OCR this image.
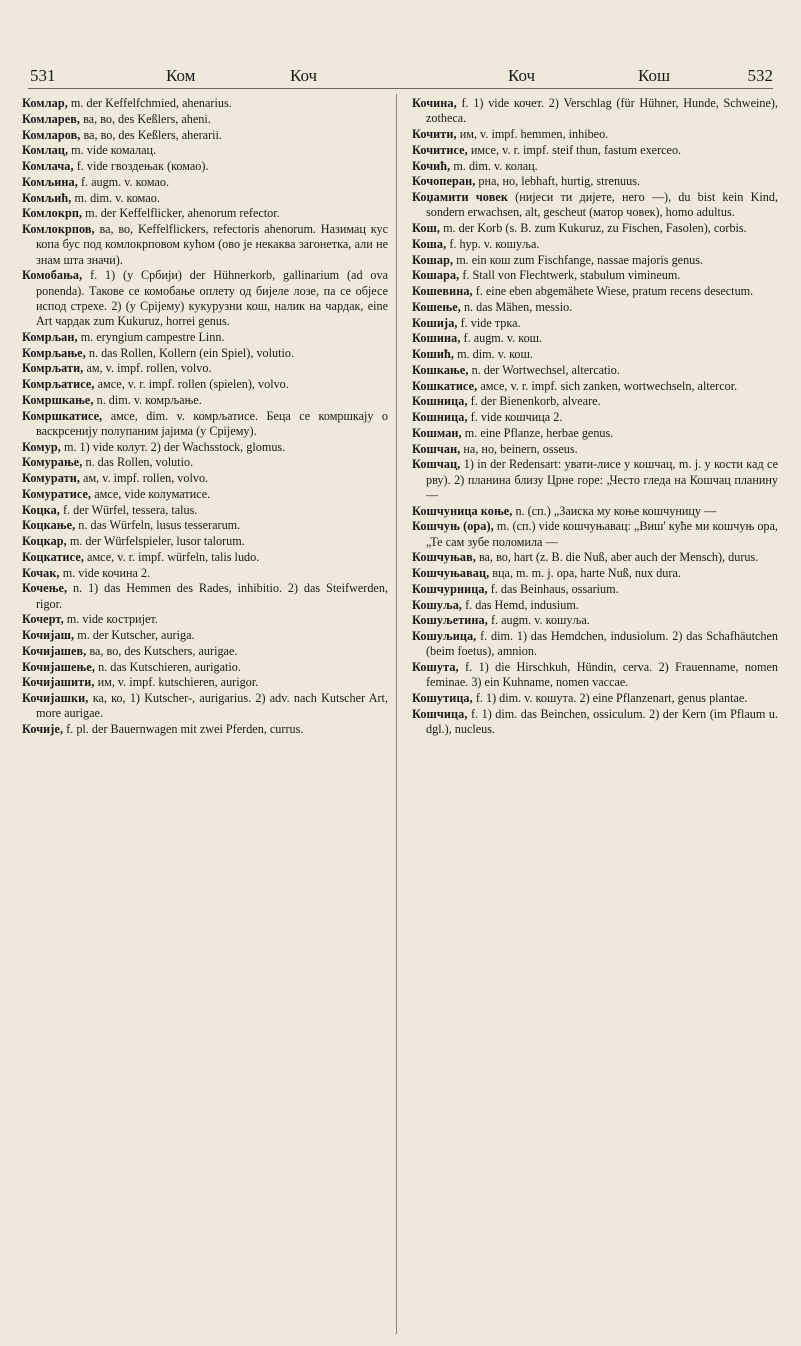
531	Ком	Коч	Коч	Кош	532

Комлар, m. der Keffelfchmied, ahenarius.

Комларев, ва, во, des Keßlers, aheni.

Комларов, ва, во, des Keßlers, aherarii.

Комлац, m. vide комалац.

Комлача, f. vide гвоздењак (комао).

Комљина, f. augm. v. комао.

Комљић, m. dim. v. комао.

Комлокрп, m. der Keffelflicker, ahenorum refector.

Комлокрпов, ва, во, Keffelflickers, refectoris ahenorum. Назимац кус копа бус под комлокрповом кућом (ово је некаква загонетка, али не знам шта значи).

Комобања, f. 1) (у Србији) der Hühnerkorb, gallinarium (ad ova ponenda). Такове се комобање оплету од биjеле лозе, па се обjесе испод стрехе. 2) (у Срijему) кукурузни кош, налик на чардак, eine Art чардак zum Kukuruz, horrei genus.

Комрљан, m. eryngium campestre Linn.

Комрљање, n. das Rollen, Kollern (ein Spiel), volutio.

Комрљати, ам, v. impf. rollen, volvo.

Комрљатисе, амсе, v. r. impf. rollen (spielen), volvo.

Комршкање, n. dim. v. комрљање.

Комршкатисе, амсе, dim. v. комрљатисе. Беца се комршкају о васкрсенију полупаним jајима (у Срijему).

Комур, m. 1) vide колут. 2) der Wachsstock, glomus.

Комурање, n. das Rollen, volutio.

Комурати, ам, v. impf. rollen, volvo.

Комуратисе, амсе, vide колуматисе.

Коцка, f. der Würfel, tessera, talus.

Коцкање, n. das Würfeln, lusus tesserarum.

Коцкар, m. der Würfelspieler, lusor talorum.

Коцкатисе, амсе, v. r. impf. würfeln, talis ludo.

Кочак, m. vide кочина 2.

Кочење, n. 1) das Hemmen des Rades, inhibitio. 2) das Steifwerden, rigor.

Кочерт, m. vide костријет.

Кочијаш, m. der Kutscher, auriga.

Кочијашев, ва, во, des Kutschers, aurigae.

Кочијашење, n. das Kutschieren, aurigatio.

Кочијашити, им, v. impf. kutschieren, aurigor.

Кочијашки, ка, ко, 1) Kutscher-, aurigarius. 2) adv. nach Kutscher Art, more aurigae.

Кочије, f. pl. der Bauernwagen mit zwei Pferden, currus.

Кочина, f. 1) vide кочет. 2) Verschlag (für Hühner, Hunde, Schweine), zotheca.

Кочити, им, v. impf. hemmen, inhibeo.

Кочитисе, имсе, v. r. impf. steif thun, fastum exerceo.

Кочић, m. dim. v. колац.

Кочоперан, рна, но, lebhaft, hurtig, strenuus.

Коџамити човек (нијеси ти дијете, него —), du bist kein Kind, sondern erwachsen, alt, gescheut (матор човек), homo adultus.

Кош, m. der Korb (s. B. zum Kukuruz, zu Fischen, Fasolen), corbis.

Коша, f. hyp. v. кошуља.

Кошар, m. ein кош zum Fischfange, nassae majoris genus.

Кошара, f. Stall von Flechtwerk, stabulum vimineum.

Кошевина, f. eine eben abgemähete Wiese, pratum recens desectum.

Кошење, n. das Mähen, messio.

Кошија, f. vide трка.

Кошина, f. augm. v. кош.

Кошић, m. dim. v. кош.

Кошкање, n. der Wortwechsel, altercatio.

Кошкатисе, амсе, v. r. impf. sich zanken, wortwechseln, altercor.

Кошница, f. der Bienenkorb, alveare.

Кошница, f. vide кошчица 2.

Кошман, m. eine Pflanze, herbae genus.

Кошчан, на, но, beinern, osseus.

Кошчац, 1) in der Redensart: увати-лисе у кошчац, m. j. у кости кад се рву). 2) планина близу Црне горе: „Често гледа на Кошчац планину—

Кошчуница коње, n. (сп.) „Заиска му коње кошчуницу —

Кошчуњ (ора), m. (сп.) vide кошчуњавац: „Виш' куће ми кошчуњ ора, „Те сам зубе поломила —

Кошчуњав, ва, во, hart (z. B. die Nuß, aber auch der Mensch), durus.

Кошчуњавац, вца, m. m. j. ора, harte Nuß, nux dura.

Кошчурница, f. das Beinhaus, ossarium.

Кошуља, f. das Hemd, indusium.

Кошуљетина, f. augm. v. кошуља.

Кошуљица, f. dim. 1) das Hemdchen, indusiolum. 2) das Schafhäutchen (beim foetus), amnion.

Кошута, f. 1) die Hirschkuh, Hündin, cerva. 2) Frauenname, nomen feminae. 3) ein Kuhname, nomen vaccae.

Кошутица, f. 1) dim. v. кошута. 2) eine Pflanzenart, genus plantae.

Кошчица, f. 1) dim. das Beinchen, ossiculum. 2) der Kern (im Pflaum u. dgl.), nucleus.
